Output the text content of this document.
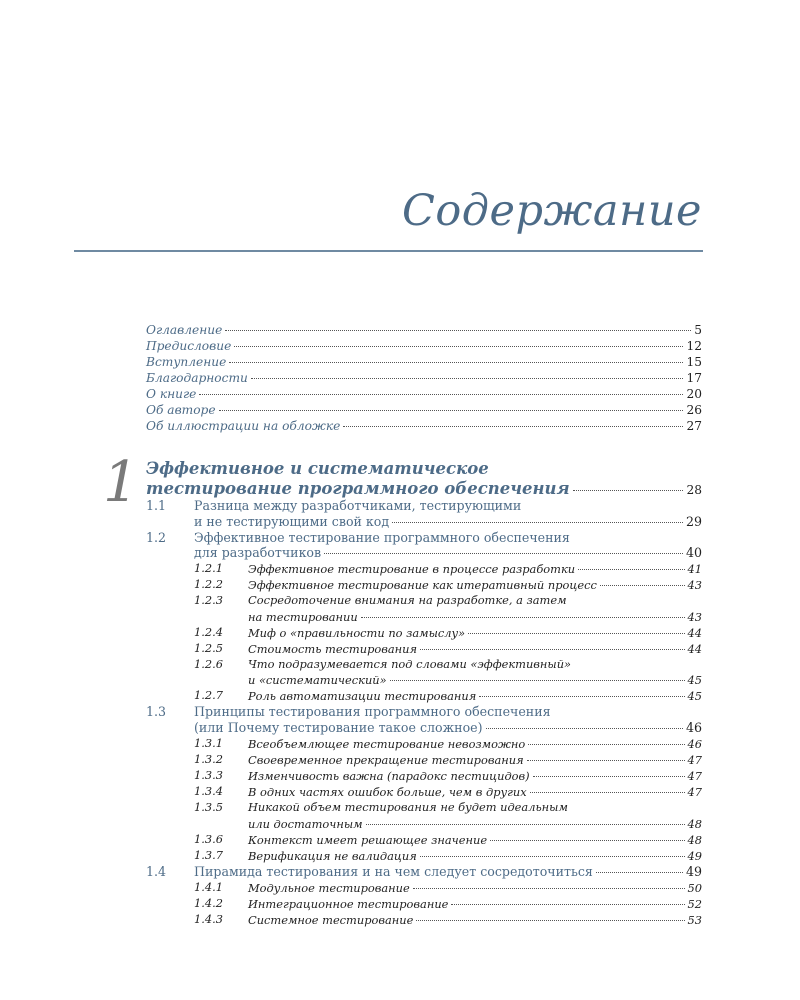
Содержание
Оглавление	5
Предисловие	12
Вступление	15
Благодарности	17
О книге	20
Об авторе	26
Об иллюстрации на обложке	27
1 Эффективное и систематическое
тестирование программного обеспечения	28
1.1	Разница между разработчиками, тестирующими
и не тестирующими свой код	29
1.2	Эффективное тестирование программного обеспечения
для разработчиков	40
1.2.1	Эффективное тестирование в процессе разработки	41
1.2.2	Эффективное тестирование как итеративный процесс	43
1.2.3	Сосредоточение внимания на разработке, а затем
на тестировании	43
1.2.4	Миф о «правильности по замыслу»	44
1.2.5	Стоимость тестирования	44
1.2.6	Что подразумевается под словами «эффективный»
и «систематический»	45
1.2.7	Роль автоматизации тестирования	45
1.3	Принципы тестирования программного обеспечения
(или Почему тестирование такое сложное)	46
1.3.1	Всеобъемлющее тестирование невозможно	46
1.3.2	Своевременное прекращение тестирования	47
1.3.3	Изменчивость важна (парадокс пестицидов)	47
1.3.4	В одних частях ошибок больше, чем в других	47
1.3.5	Никакой объем тестирования не будет идеальным
или достаточным	48
1.3.6	Контекст имеет решающее значение	48
1.3.7	Верификация не валидация	49
1.4	Пирамида тестирования и на чем следует сосредоточиться	49
1.4.1	Модульное тестирование	50
1.4.2	Интеграционное тестирование	52
1.4.3	Системное тестирование	53
